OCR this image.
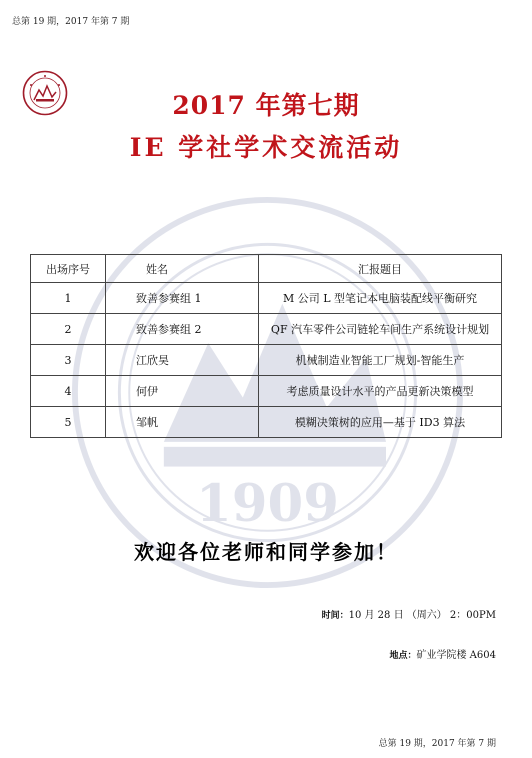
总第 19 期，2017 年第 7 期
1909
2017 年第七期
IE 学社学术交流活动
出场序号	姓名	汇报题目
1	致善参赛组 1	M 公司 L 型笔记本电脑装配线平衡研究
2	致善参赛组 2	QF 汽车零件公司链轮车间生产系统设计规划
3	江欣昊	机械制造业智能工厂规划-智能生产
4	何伊	考虑质量设计水平的产品更新决策模型
5	邹帆	模糊决策树的应用—基于 ID3 算法
欢迎各位老师和同学参加！
时间：10 月 28 日 （周六） 2：00PM
地点：矿业学院楼 A604
总第 19 期，2017 年第 7 期
